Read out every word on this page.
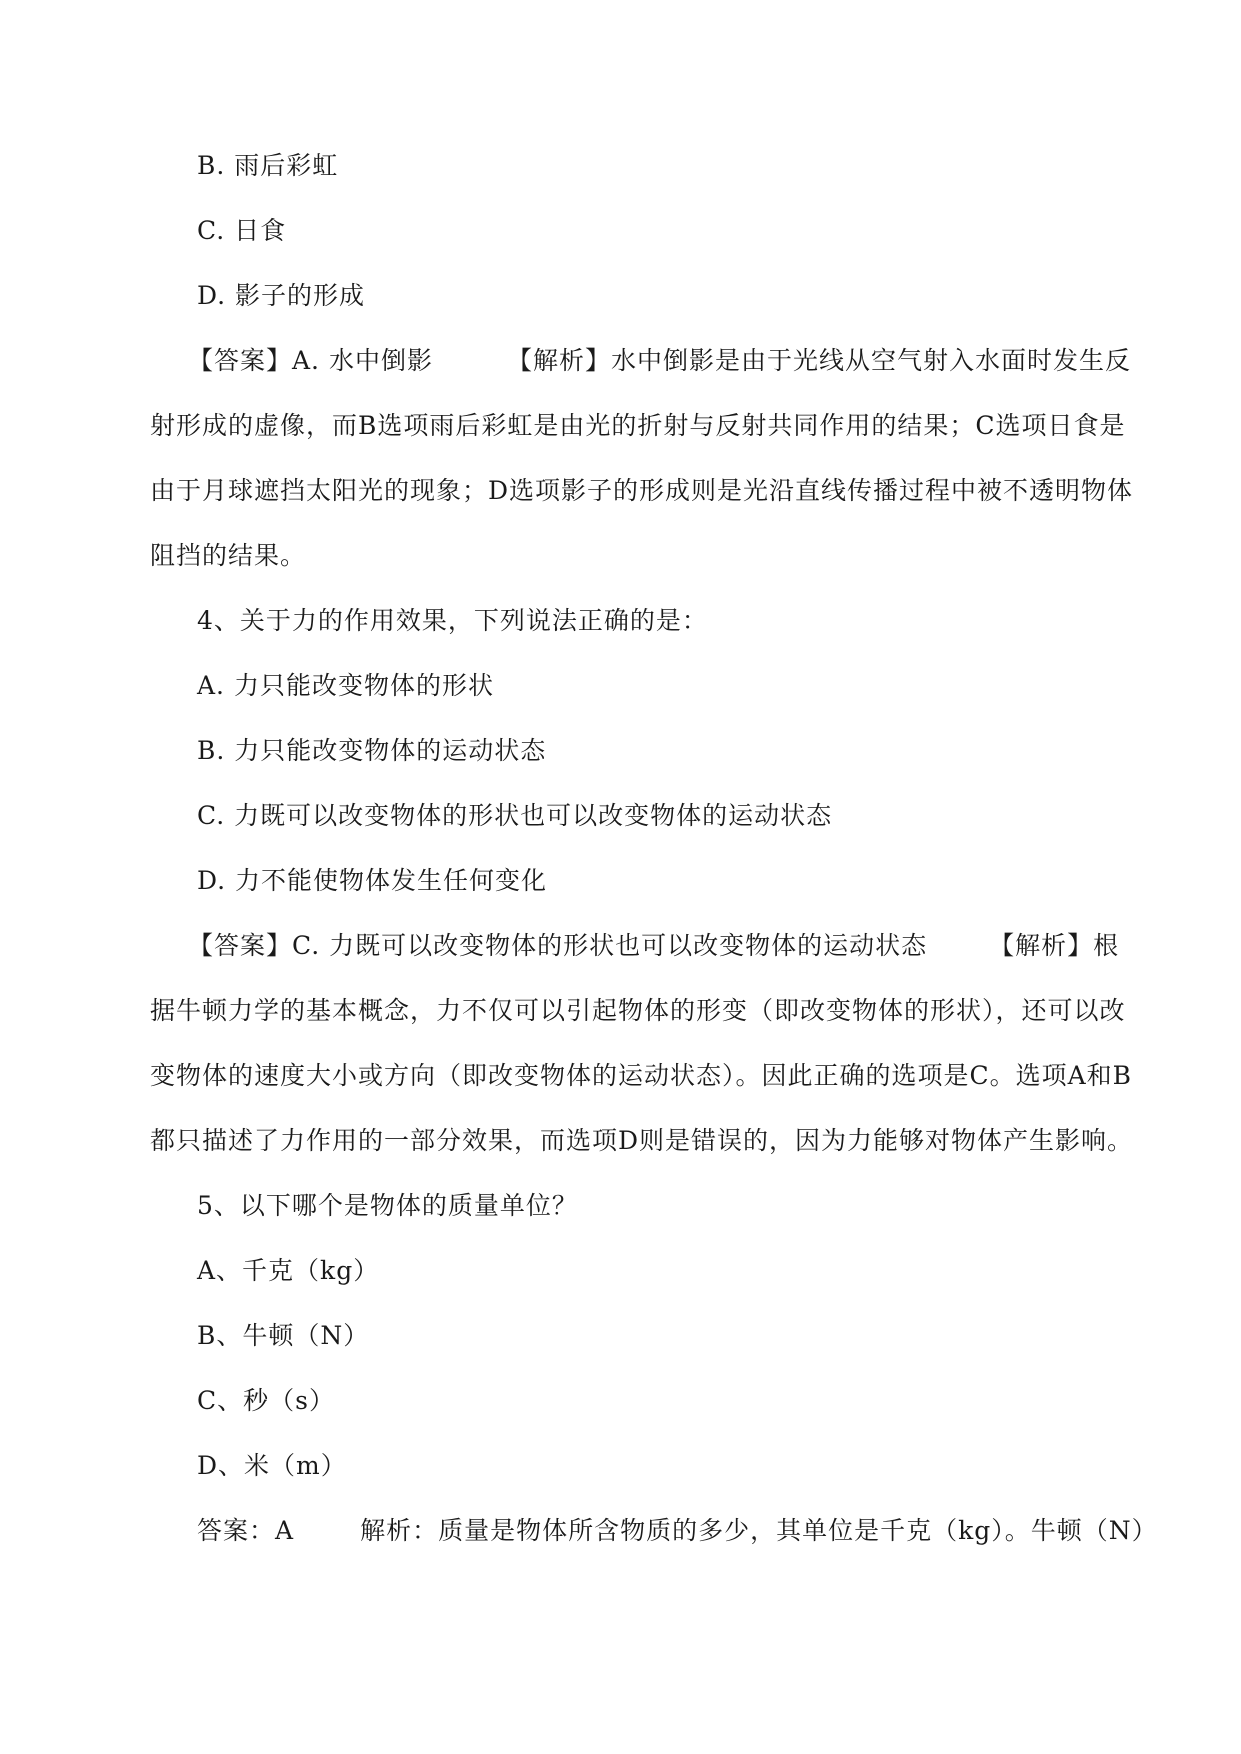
B. 雨后彩虹
C. 日食
D. 影子的形成
【答案】A. 水中倒影	【解析】水中倒影是由于光线从空气射入水面时发生反
射形成的虚像，而B选项雨后彩虹是由光的折射与反射共同作用的结果；C选项日食是
由于月球遮挡太阳光的现象；D选项影子的形成则是光沿直线传播过程中被不透明物体
阻挡的结果。
4、关于力的作用效果，下列说法正确的是：
A. 力只能改变物体的形状
B. 力只能改变物体的运动状态
C. 力既可以改变物体的形状也可以改变物体的运动状态
D. 力不能使物体发生任何变化
【答案】C. 力既可以改变物体的形状也可以改变物体的运动状态 【解析】根
据牛顿力学的基本概念，力不仅可以引起物体的形变（即改变物体的形状），还可以改
变物体的速度大小或方向（即改变物体的运动状态）。因此正确的选项是C。选项A和B
都只描述了力作用的一部分效果，而选项D则是错误的，因为力能够对物体产生影响。
5、以下哪个是物体的质量单位？
A、千克（kg）
B、牛顿（N）
C、秒（s）
D、米（m）
答案：A	解析：质量是物体所含物质的多少，其单位是千克（kg）。牛顿（N）
